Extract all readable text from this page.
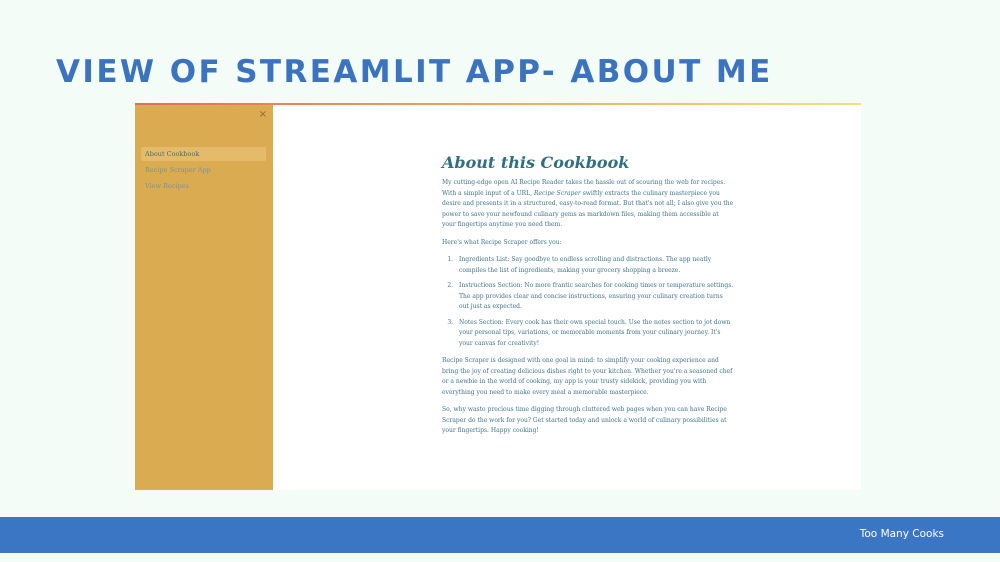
VIEW OF STREAMLIT APP- ABOUT ME
×
About Cookbook
Recipe Scraper App
View Recipes
About this Cookbook

My cutting-edge open AI Recipe Reader takes the hassle out of scouring the web for recipes. With a simple input of a URL, Recipe Scraper swiftly extracts the culinary masterpiece you desire and presents it in a structured, easy-to-read format. But that's not all; I also give you the power to save your newfound culinary gems as markdown files, making them accessible at your fingertips anytime you need them.

Here's what Recipe Scraper offers you:

1. Ingredients List: Say goodbye to endless scrolling and distractions. The app neatly compiles the list of ingredients, making your grocery shopping a breeze.
2. Instructions Section: No more frantic searches for cooking times or temperature settings. The app provides clear and concise instructions, ensuring your culinary creation turns out just as expected.
3. Notes Section: Every cook has their own special touch. Use the notes section to jot down your personal tips, variations, or memorable moments from your culinary journey. It's your canvas for creativity!

Recipe Scraper is designed with one goal in mind: to simplify your cooking experience and bring the joy of creating delicious dishes right to your kitchen. Whether you're a seasoned chef or a newbie in the world of cooking, my app is your trusty sidekick, providing you with everything you need to make every meal a memorable masterpiece.

So, why waste precious time digging through cluttered web pages when you can have Recipe Scraper do the work for you? Get started today and unlock a world of culinary possibilities at your fingertips. Happy cooking!

Too Many Cooks
